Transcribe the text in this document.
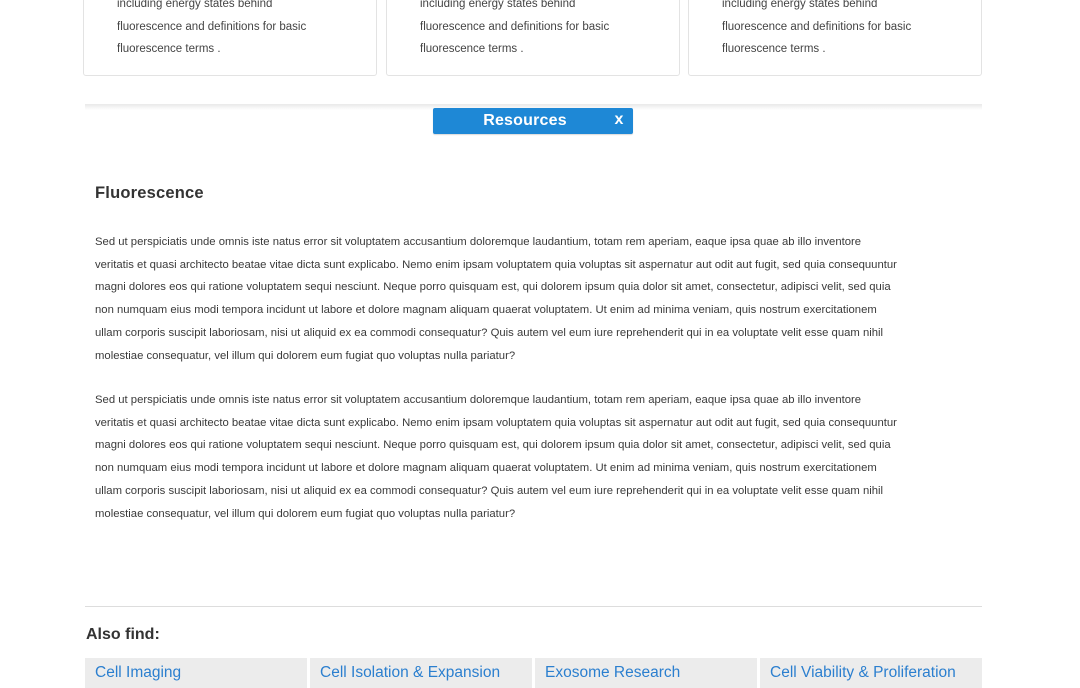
including energy states behind
fluorescence and definitions for basic
fluorescence terms .
including energy states behind
fluorescence and definitions for basic
fluorescence terms .
including energy states behind
fluorescence and definitions for basic
fluorescence terms .
Resources	x
Fluorescence
Sed ut perspiciatis unde omnis iste natus error sit voluptatem accusantium doloremque laudantium, totam rem aperiam, eaque ipsa quae ab illo inventore
veritatis et quasi architecto beatae vitae dicta sunt explicabo. Nemo enim ipsam voluptatem quia voluptas sit aspernatur aut odit aut fugit, sed quia consequuntur
magni dolores eos qui ratione voluptatem sequi nesciunt. Neque porro quisquam est, qui dolorem ipsum quia dolor sit amet, consectetur, adipisci velit, sed quia
non numquam eius modi tempora incidunt ut labore et dolore magnam aliquam quaerat voluptatem. Ut enim ad minima veniam, quis nostrum exercitationem
ullam corporis suscipit laboriosam, nisi ut aliquid ex ea commodi consequatur? Quis autem vel eum iure reprehenderit qui in ea voluptate velit esse quam nihil
molestiae consequatur, vel illum qui dolorem eum fugiat quo voluptas nulla pariatur?
Sed ut perspiciatis unde omnis iste natus error sit voluptatem accusantium doloremque laudantium, totam rem aperiam, eaque ipsa quae ab illo inventore
veritatis et quasi architecto beatae vitae dicta sunt explicabo. Nemo enim ipsam voluptatem quia voluptas sit aspernatur aut odit aut fugit, sed quia consequuntur
magni dolores eos qui ratione voluptatem sequi nesciunt. Neque porro quisquam est, qui dolorem ipsum quia dolor sit amet, consectetur, adipisci velit, sed quia
non numquam eius modi tempora incidunt ut labore et dolore magnam aliquam quaerat voluptatem. Ut enim ad minima veniam, quis nostrum exercitationem
ullam corporis suscipit laboriosam, nisi ut aliquid ex ea commodi consequatur? Quis autem vel eum iure reprehenderit qui in ea voluptate velit esse quam nihil
molestiae consequatur, vel illum qui dolorem eum fugiat quo voluptas nulla pariatur?
Also find:
Cell Imaging	Cell Isolation & Expansion	Exosome Research	Cell Viability & Proliferation
